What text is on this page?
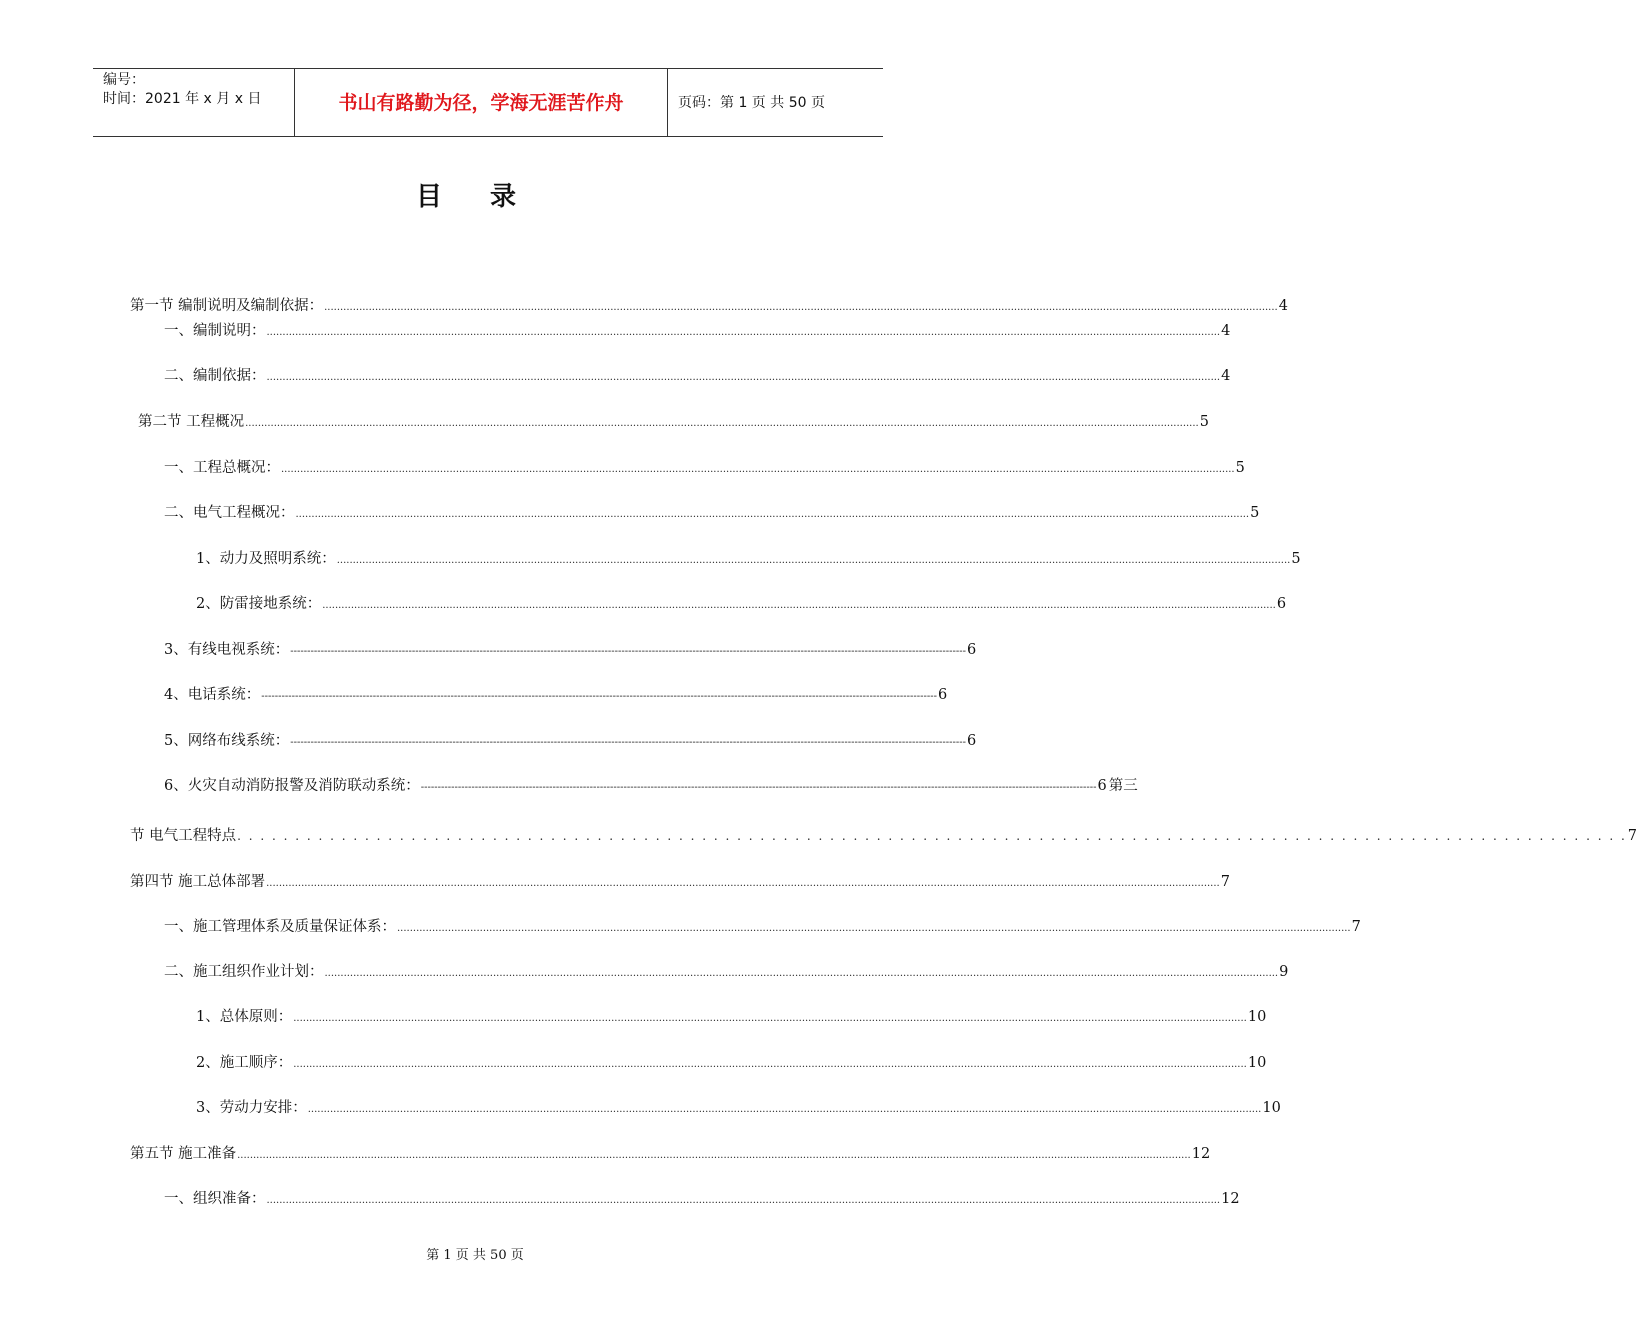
编号：
时间：2021 年 x 月 x 日	书山有路勤为径，学海无涯苦作舟	页码：第 1 页 共 50 页
目录
第一节 编制说明及编制依据： ............................................................................................................................................................................................................................................................................................................ 4
一、编制说明： ............................................................................................................................................................................................................................................................................................................ 4
二、编制依据： ............................................................................................................................................................................................................................................................................................................ 4
第二节 工程概况 ............................................................................................................................................................................................................................................................................................................ 5
一、工程总概况： ............................................................................................................................................................................................................................................................................................................ 5
二、电气工程概况： ............................................................................................................................................................................................................................................................................................................ 5
1、动力及照明系统： ............................................................................................................................................................................................................................................................................................................ 5
2、防雷接地系统： ............................................................................................................................................................................................................................................................................................................ 6
3、有线电视系统： -------------------------------------------------------------------------------------------------------------------------------------------------------------------------------------------------------- 6
4、电话系统： -------------------------------------------------------------------------------------------------------------------------------------------------------------------------------------------------------- 6
5、网络布线系统： -------------------------------------------------------------------------------------------------------------------------------------------------------------------------------------------------------- 6
6、火灾自动消防报警及消防联动系统： -------------------------------------------------------------------------------------------------------------------------------------------------------------------------------------------------------- 6 第三
节 电气工程特点 . . . . . . . . . . . . . . . . . . . . . . . . . . . . . . . . . . . . . . . . . . . . . . . . . . . . . . . . . . . . . . . . . . . . . . . . . . . . . . . . . . . . . . . . . . . . . . . . . . . . . . . . . . . . . . . . . . . . . . . . 7
第四节 施工总体部署 ............................................................................................................................................................................................................................................................................................................ 7
一、施工管理体系及质量保证体系： ............................................................................................................................................................................................................................................................................................................ 7
二、施工组织作业计划： ............................................................................................................................................................................................................................................................................................................ 9
1、总体原则： ............................................................................................................................................................................................................................................................................................................ 10
2、施工顺序： ............................................................................................................................................................................................................................................................................................................ 10
3、劳动力安排： ............................................................................................................................................................................................................................................................................................................ 10
第五节 施工准备 ............................................................................................................................................................................................................................................................................................................ 12
一、组织准备： ............................................................................................................................................................................................................................................................................................................ 12
第 1 页 共 50 页
